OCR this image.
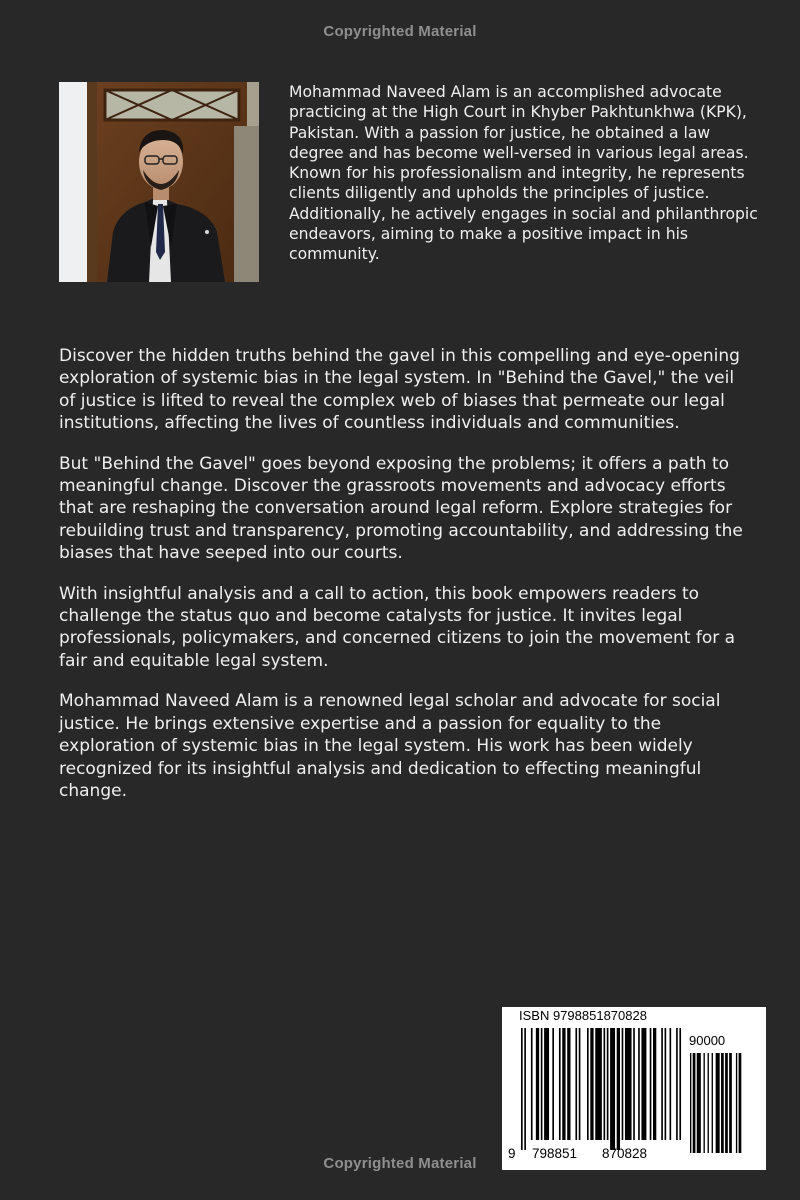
Copyrighted Material

Mohammad Naveed Alam is an accomplished advocate practicing at the High Court in Khyber Pakhtunkhwa (KPK), Pakistan. With a passion for justice, he obtained a law degree and has become well-versed in various legal areas. Known for his professionalism and integrity, he represents clients diligently and upholds the principles of justice. Additionally, he actively engages in social and philanthropic endeavors, aiming to make a positive impact in his community.

Discover the hidden truths behind the gavel in this compelling and eye-opening exploration of systemic bias in the legal system. In "Behind the Gavel," the veil of justice is lifted to reveal the complex web of biases that permeate our legal institutions, affecting the lives of countless individuals and communities.

But "Behind the Gavel" goes beyond exposing the problems; it offers a path to meaningful change. Discover the grassroots movements and advocacy efforts that are reshaping the conversation around legal reform. Explore strategies for rebuilding trust and transparency, promoting accountability, and addressing the biases that have seeped into our courts.

With insightful analysis and a call to action, this book empowers readers to challenge the status quo and become catalysts for justice. It invites legal professionals, policymakers, and concerned citizens to join the movement for a fair and equitable legal system.

Mohammad Naveed Alam is a renowned legal scholar and advocate for social justice. He brings extensive expertise and a passion for equality to the exploration of systemic bias in the legal system. His work has been widely recognized for its insightful analysis and dedication to effecting meaningful change.

ISBN 9798851870828
90000
9 798851 870828
Copyrighted Material
